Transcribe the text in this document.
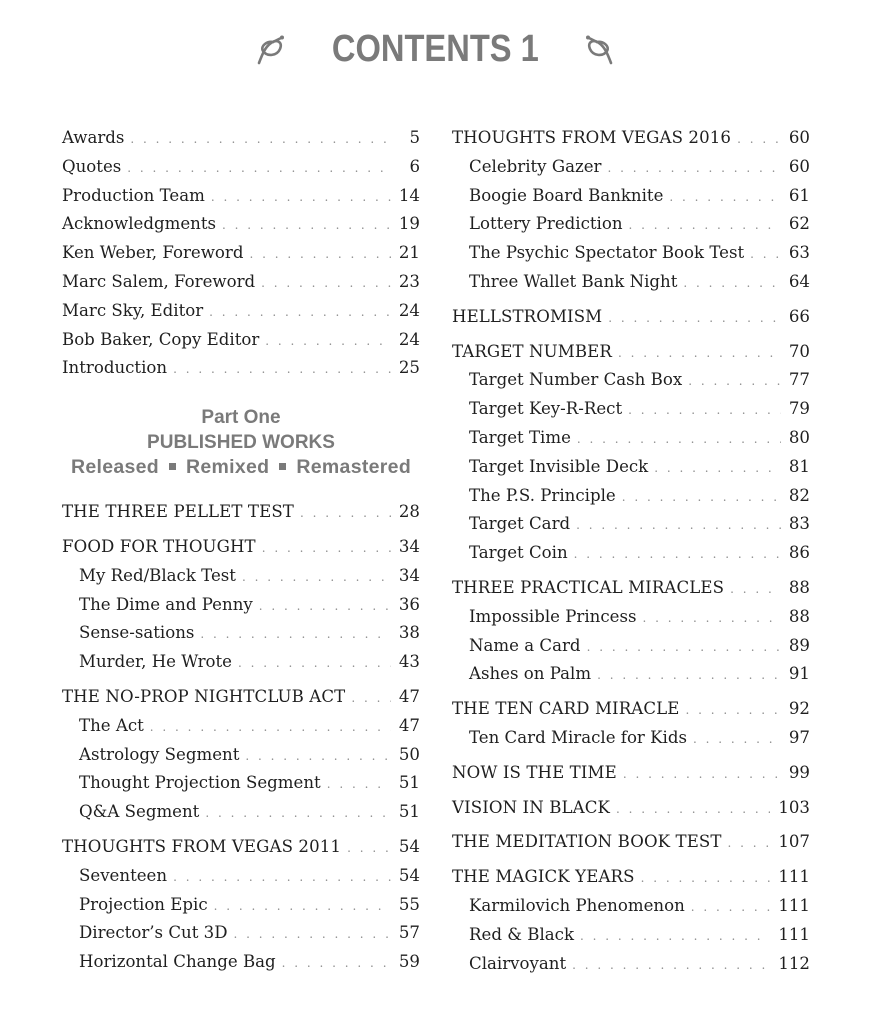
CONTENTS 1
Awards . . .	5
Quotes . . .	6
Production Team . . .	14
Acknowledgments . . .	19
Ken Weber, Foreword . . .	21
Marc Salem, Foreword . . .	23
Marc Sky, Editor . . .	24
Bob Baker, Copy Editor . . .	24
Introduction . . .	25
Part One
PUBLISHED WORKS
Released Remixed Remastered
THE THREE PELLET TEST . . .	28
FOOD FOR THOUGHT . . .	34
My Red/Black Test . . .	34
The Dime and Penny . . .	36
Sense-sations . . .	38
Murder, He Wrote . . .	43
THE NO-PROP NIGHTCLUB ACT . . .	47
The Act . . .	47
Astrology Segment . . .	50
Thought Projection Segment . . .	51
Q&A Segment . . .	51
THOUGHTS FROM VEGAS 2011 . . .	54
Seventeen . . .	54
Projection Epic . . .	55
Director’s Cut 3D . . .	57
Horizontal Change Bag . . .	59
THOUGHTS FROM VEGAS 2016 . . .	60
Celebrity Gazer . . .	60
Boogie Board Banknite . . .	61
Lottery Prediction . . .	62
The Psychic Spectator Book Test . . .	63
Three Wallet Bank Night . . .	64
HELLSTROMISM . . .	66
TARGET NUMBER . . .	70
Target Number Cash Box . . .	77
Target Key-R-Rect . . .	79
Target Time . . .	80
Target Invisible Deck . . .	81
The P.S. Principle . . .	82
Target Card . . .	83
Target Coin . . .	86
THREE PRACTICAL MIRACLES . . .	88
Impossible Princess . . .	88
Name a Card . . .	89
Ashes on Palm . . .	91
THE TEN CARD MIRACLE . . .	92
Ten Card Miracle for Kids . . .	97
NOW IS THE TIME . . .	99
VISION IN BLACK . . .	103
THE MEDITATION BOOK TEST . . .	107
THE MAGICK YEARS . . .	111
Karmilovich Phenomenon . . .	111
Red & Black . . .	111
Clairvoyant . . .	112
